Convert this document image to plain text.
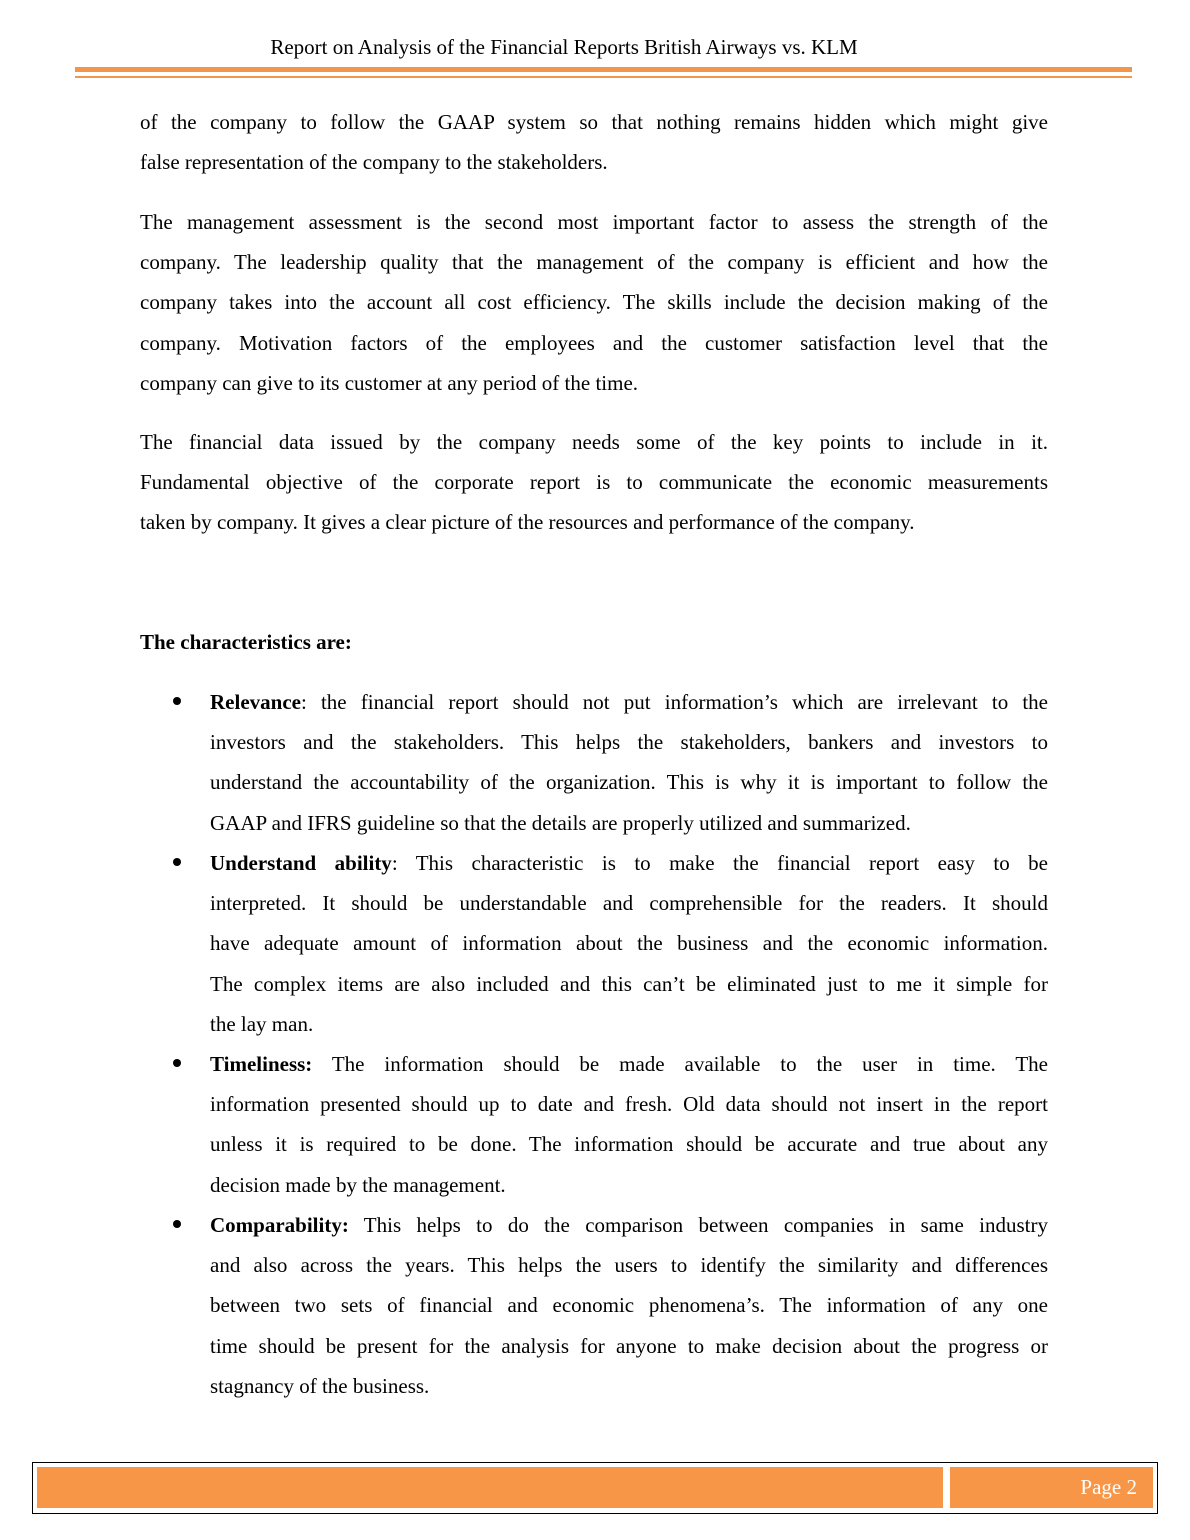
Report on Analysis of the Financial Reports British Airways vs. KLM
of the company to follow the GAAP system so that nothing remains hidden which might give
false representation of the company to the stakeholders.
The management assessment is the second most important factor to assess the strength of the
company. The leadership quality that the management of the company is efficient and how the
company takes into the account all cost efficiency. The skills include the decision making of the
company. Motivation factors of the employees and the customer satisfaction level that the
company can give to its customer at any period of the time.
The financial data issued by the company needs some of the key points to include in it.
Fundamental objective of the corporate report is to communicate the economic measurements
taken by company. It gives a clear picture of the resources and performance of the company.
The characteristics are:
Relevance: the financial report should not put information’s which are irrelevant to the
investors and the stakeholders. This helps the stakeholders, bankers and investors to
understand the accountability of the organization. This is why it is important to follow the
GAAP and IFRS guideline so that the details are properly utilized and summarized.
Understand ability: This characteristic is to make the financial report easy to be
interpreted. It should be understandable and comprehensible for the readers. It should
have adequate amount of information about the business and the economic information.
The complex items are also included and this can’t be eliminated just to me it simple for
the lay man.
Timeliness: The information should be made available to the user in time. The
information presented should up to date and fresh. Old data should not insert in the report
unless it is required to be done. The information should be accurate and true about any
decision made by the management.
Comparability: This helps to do the comparison between companies in same industry
and also across the years. This helps the users to identify the similarity and differences
between two sets of financial and economic phenomena’s. The information of any one
time should be present for the analysis for anyone to make decision about the progress or
stagnancy of the business.
Page 2
